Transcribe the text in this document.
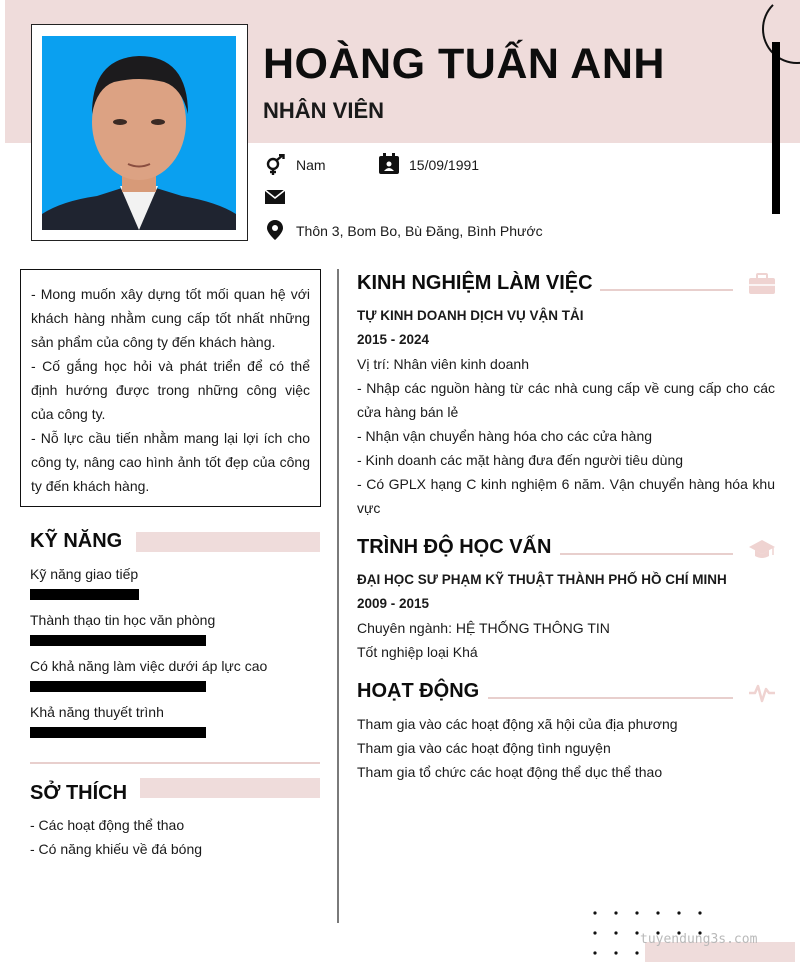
HOÀNG TUẤN ANH
NHÂN VIÊN
Nam	15/09/1991
Thôn 3, Bom Bo, Bù Đăng, Bình Phước

- Mong muốn xây dựng tốt mối quan hệ với khách hàng nhằm cung cấp tốt nhất những sản phẩm của công ty đến khách hàng.

- Cố gắng học hỏi và phát triển để có thể định hướng được trong những công việc của công ty.

- Nỗ lực cầu tiến nhằm mang lại lợi ích cho công ty, nâng cao hình ảnh tốt đẹp của công ty đến khách hàng.

KỸ NĂNG
Kỹ năng giao tiếp
Thành thạo tin học văn phòng
Có khả năng làm việc dưới áp lực cao
Khả năng thuyết trình
SỞ THÍCH
- Các hoạt động thể thao
- Có năng khiếu về đá bóng
KINH NGHIỆM LÀM VIỆC
TỰ KINH DOANH DỊCH VỤ VẬN TẢI
2015 - 2024
Vị trí: Nhân viên kinh doanh
- Nhập các nguồn hàng từ các nhà cung cấp về cung cấp cho các cửa hàng bán lẻ
- Nhận vận chuyển hàng hóa cho các cửa hàng
- Kinh doanh các mặt hàng đưa đến người tiêu dùng
- Có GPLX hạng C kinh nghiệm 6 năm. Vận chuyển hàng hóa khu vực
TRÌNH ĐỘ HỌC VẤN
ĐẠI HỌC SƯ PHẠM KỸ THUẬT THÀNH PHỐ HỒ CHÍ MINH
2009 - 2015
Chuyên ngành: HỆ THỐNG THÔNG TIN
Tốt nghiệp loại Khá
HOẠT ĐỘNG
Tham gia vào các hoạt động xã hội của địa phương
Tham gia vào các hoạt động tình nguyện
Tham gia tổ chức các hoạt động thể dục thể thao
tuyendung3s.com
